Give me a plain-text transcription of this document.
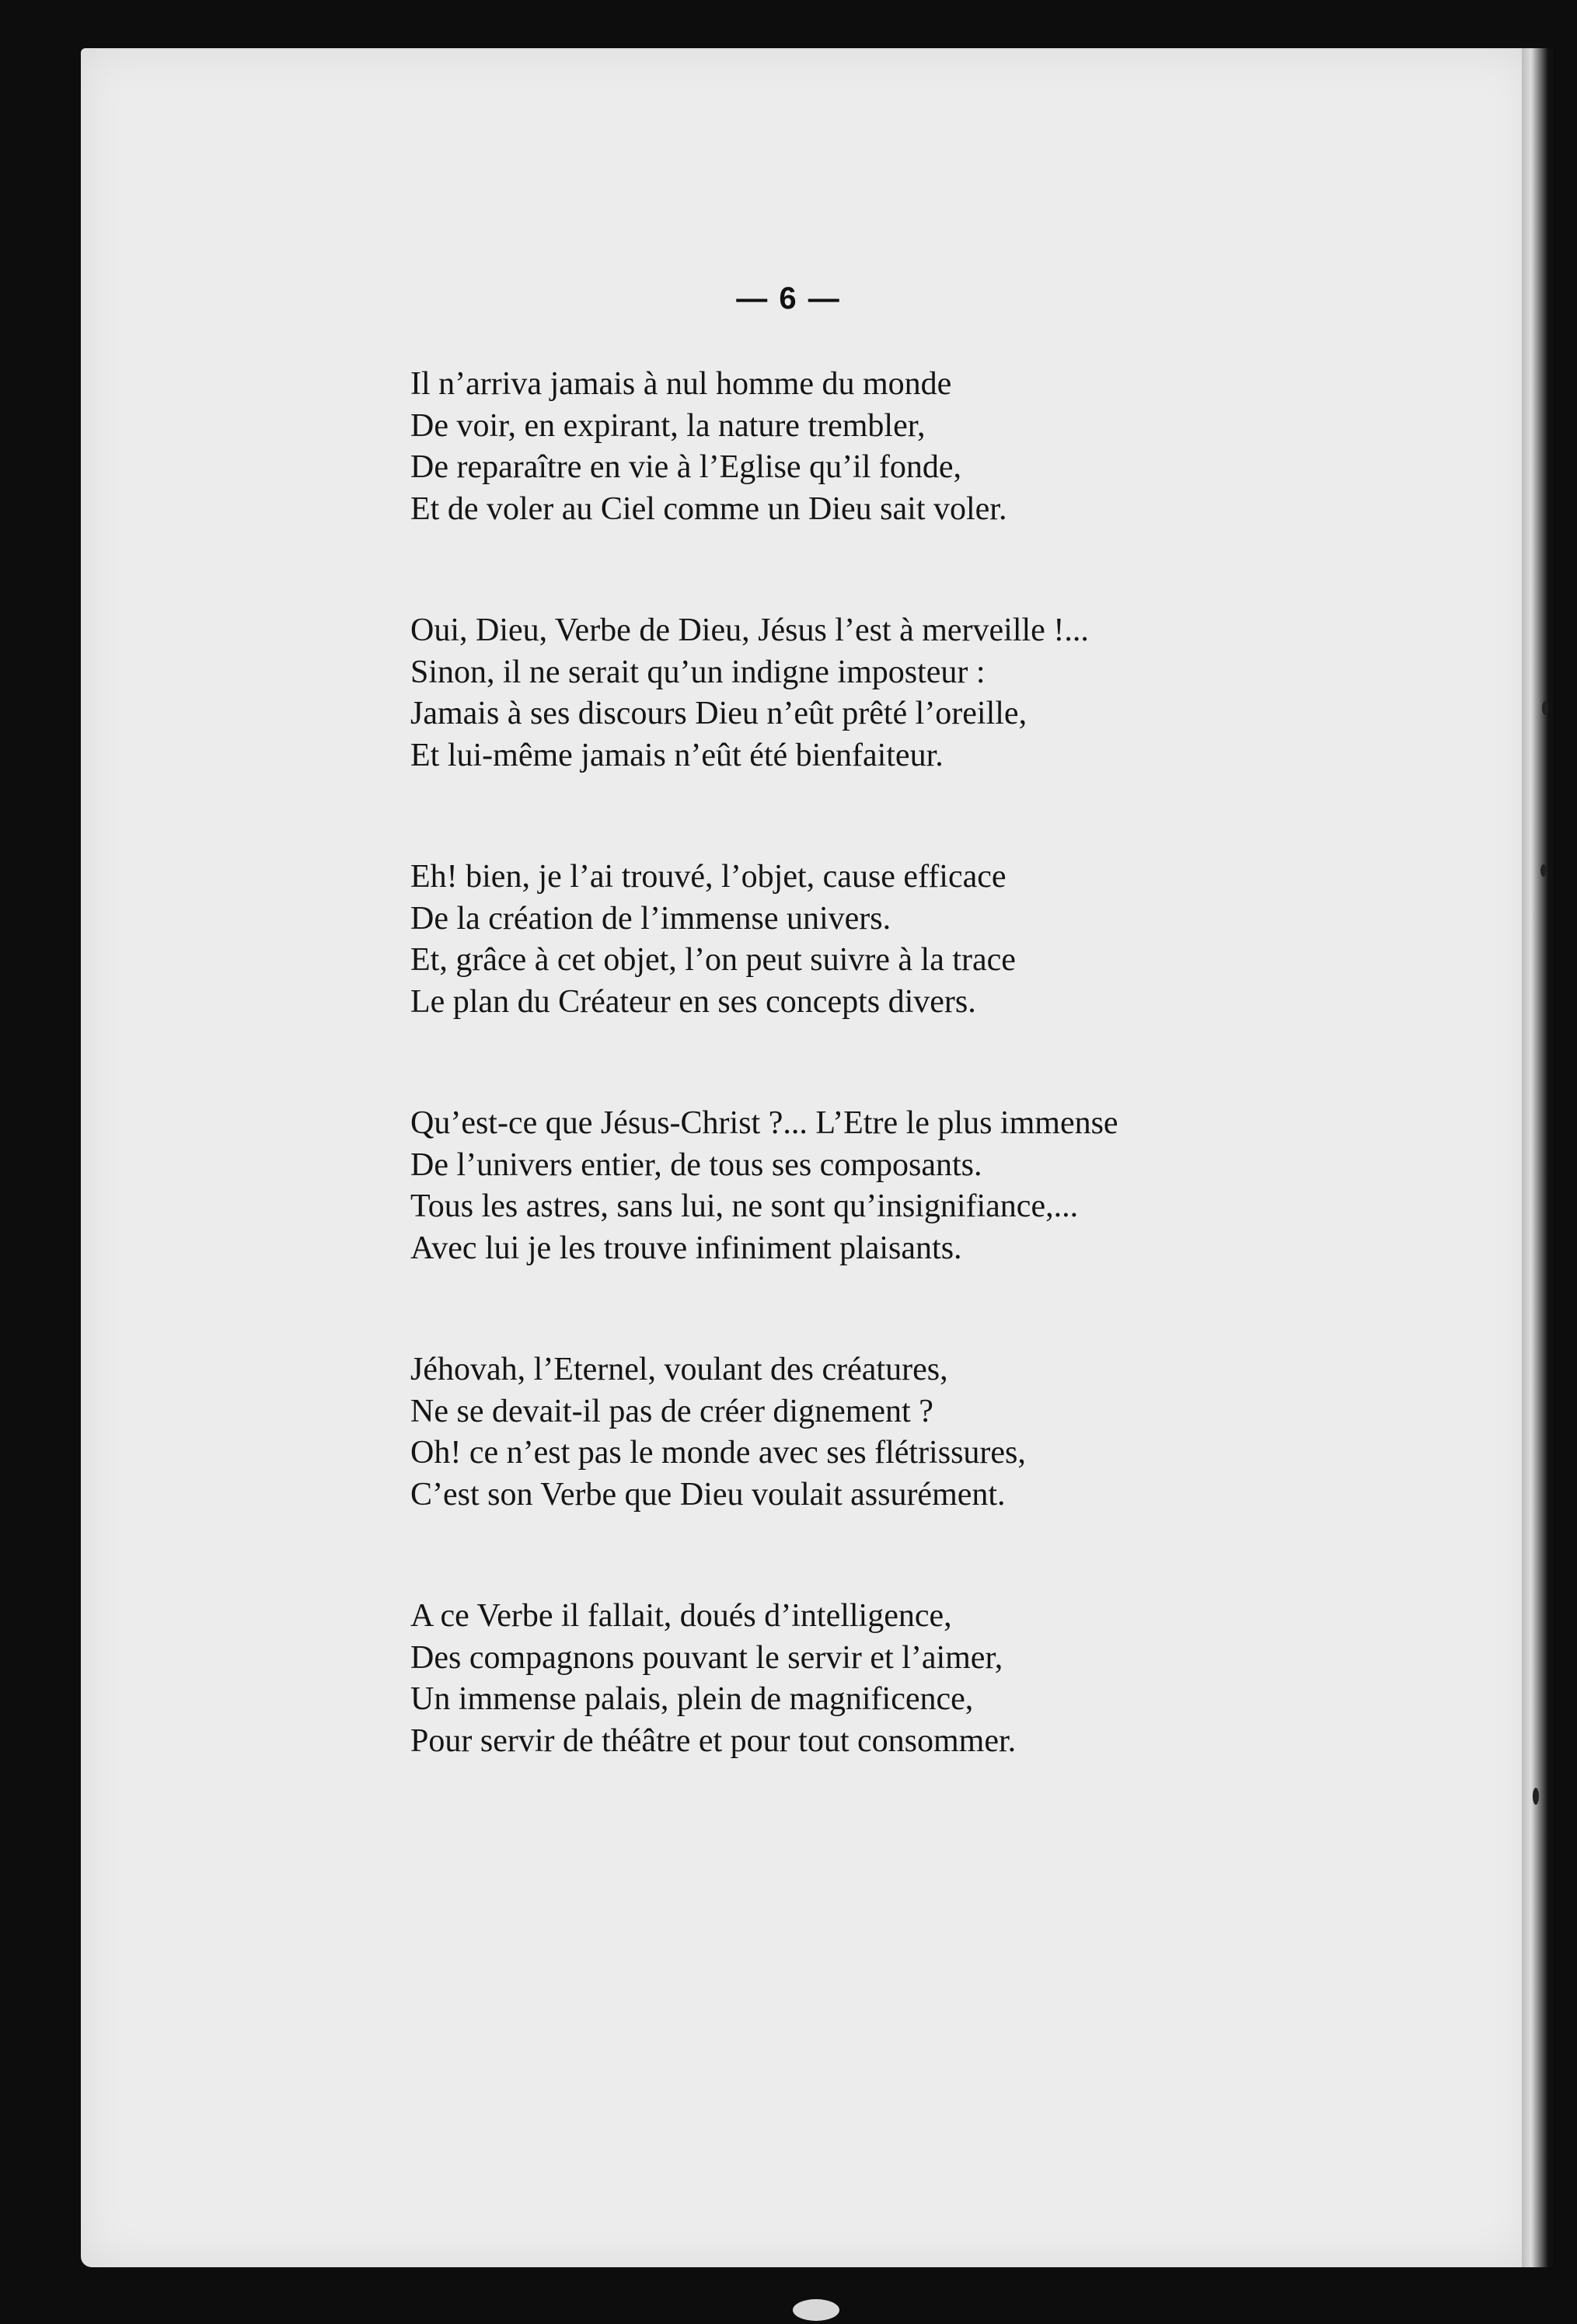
— 6 —
Il n’arriva jamais à nul homme du monde
De voir, en expirant, la nature trembler,
De reparaître en vie à l’Eglise qu’il fonde,
Et de voler au Ciel comme un Dieu sait voler.
Oui, Dieu, Verbe de Dieu, Jésus l’est à merveille !...
Sinon, il ne serait qu’un indigne imposteur :
Jamais à ses discours Dieu n’eût prêté l’oreille,
Et lui-même jamais n’eût été bienfaiteur.
Eh! bien, je l’ai trouvé, l’objet, cause efficace
De la création de l’immense univers.
Et, grâce à cet objet, l’on peut suivre à la trace
Le plan du Créateur en ses concepts divers.
Qu’est-ce que Jésus-Christ ?... L’Etre le plus immense
De l’univers entier, de tous ses composants.
Tous les astres, sans lui, ne sont qu’insignifiance,...
Avec lui je les trouve infiniment plaisants.
Jéhovah, l’Eternel, voulant des créatures,
Ne se devait-il pas de créer dignement ?
Oh! ce n’est pas le monde avec ses flétrissures,
C’est son Verbe que Dieu voulait assurément.
A ce Verbe il fallait, doués d’intelligence,
Des compagnons pouvant le servir et l’aimer,
Un immense palais, plein de magnificence,
Pour servir de théâtre et pour tout consommer.
